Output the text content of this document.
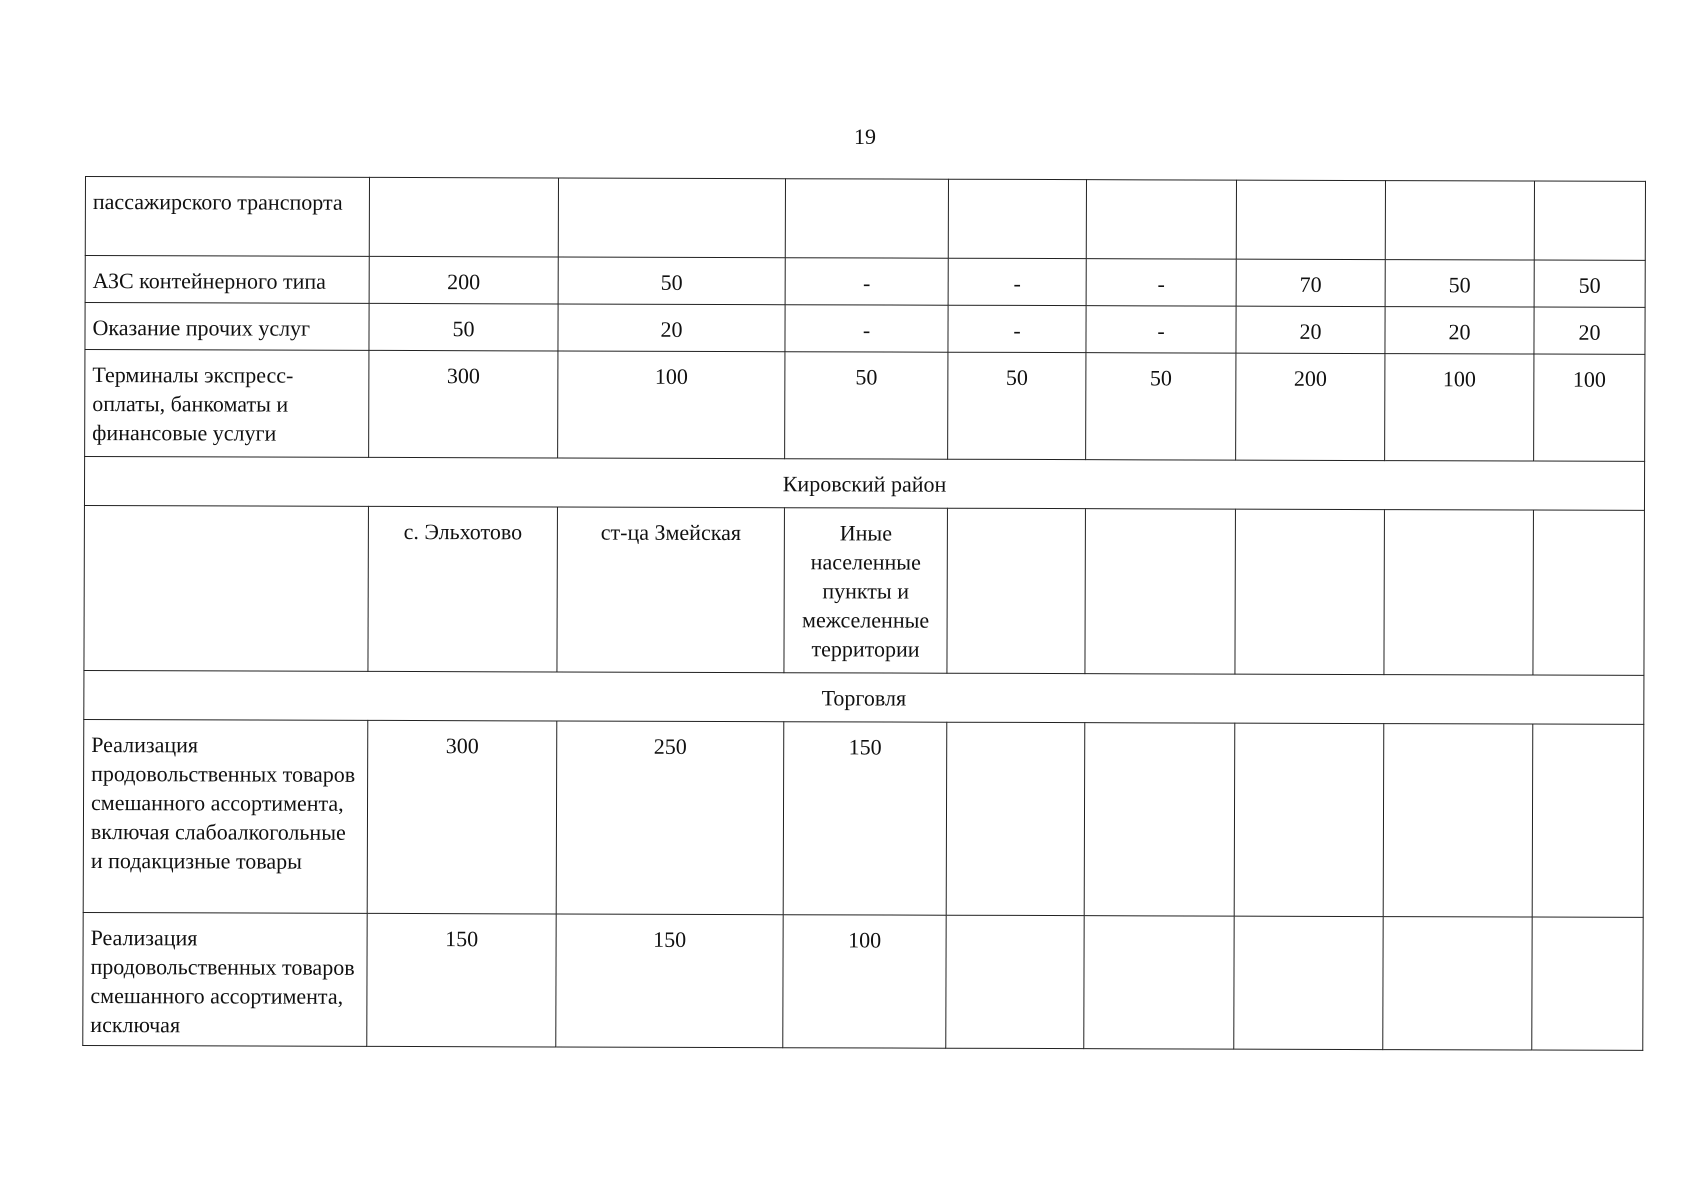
19
пассажирского транспорта								
АЗС контейнерного типа	200	50	-	-	-	70	50	50
Оказание прочих услуг	50	20	-	-	-	20	20	20
Терминалы экспресс-оплаты, банкоматы и финансовые услуги	300	100	50	50	50	200	100	100
Кировский район								
	с. Эльхотово	ст-ца Змейская	Иные населенные пункты и межселенные территории					
Торговля								
Реализация продовольственных товаров смешанного ассортимента, включая слабоалкогольные и подакцизные товары	300	250	150					
Реализация продовольственных товаров смешанного ассортимента, исключая	150	150	100					
